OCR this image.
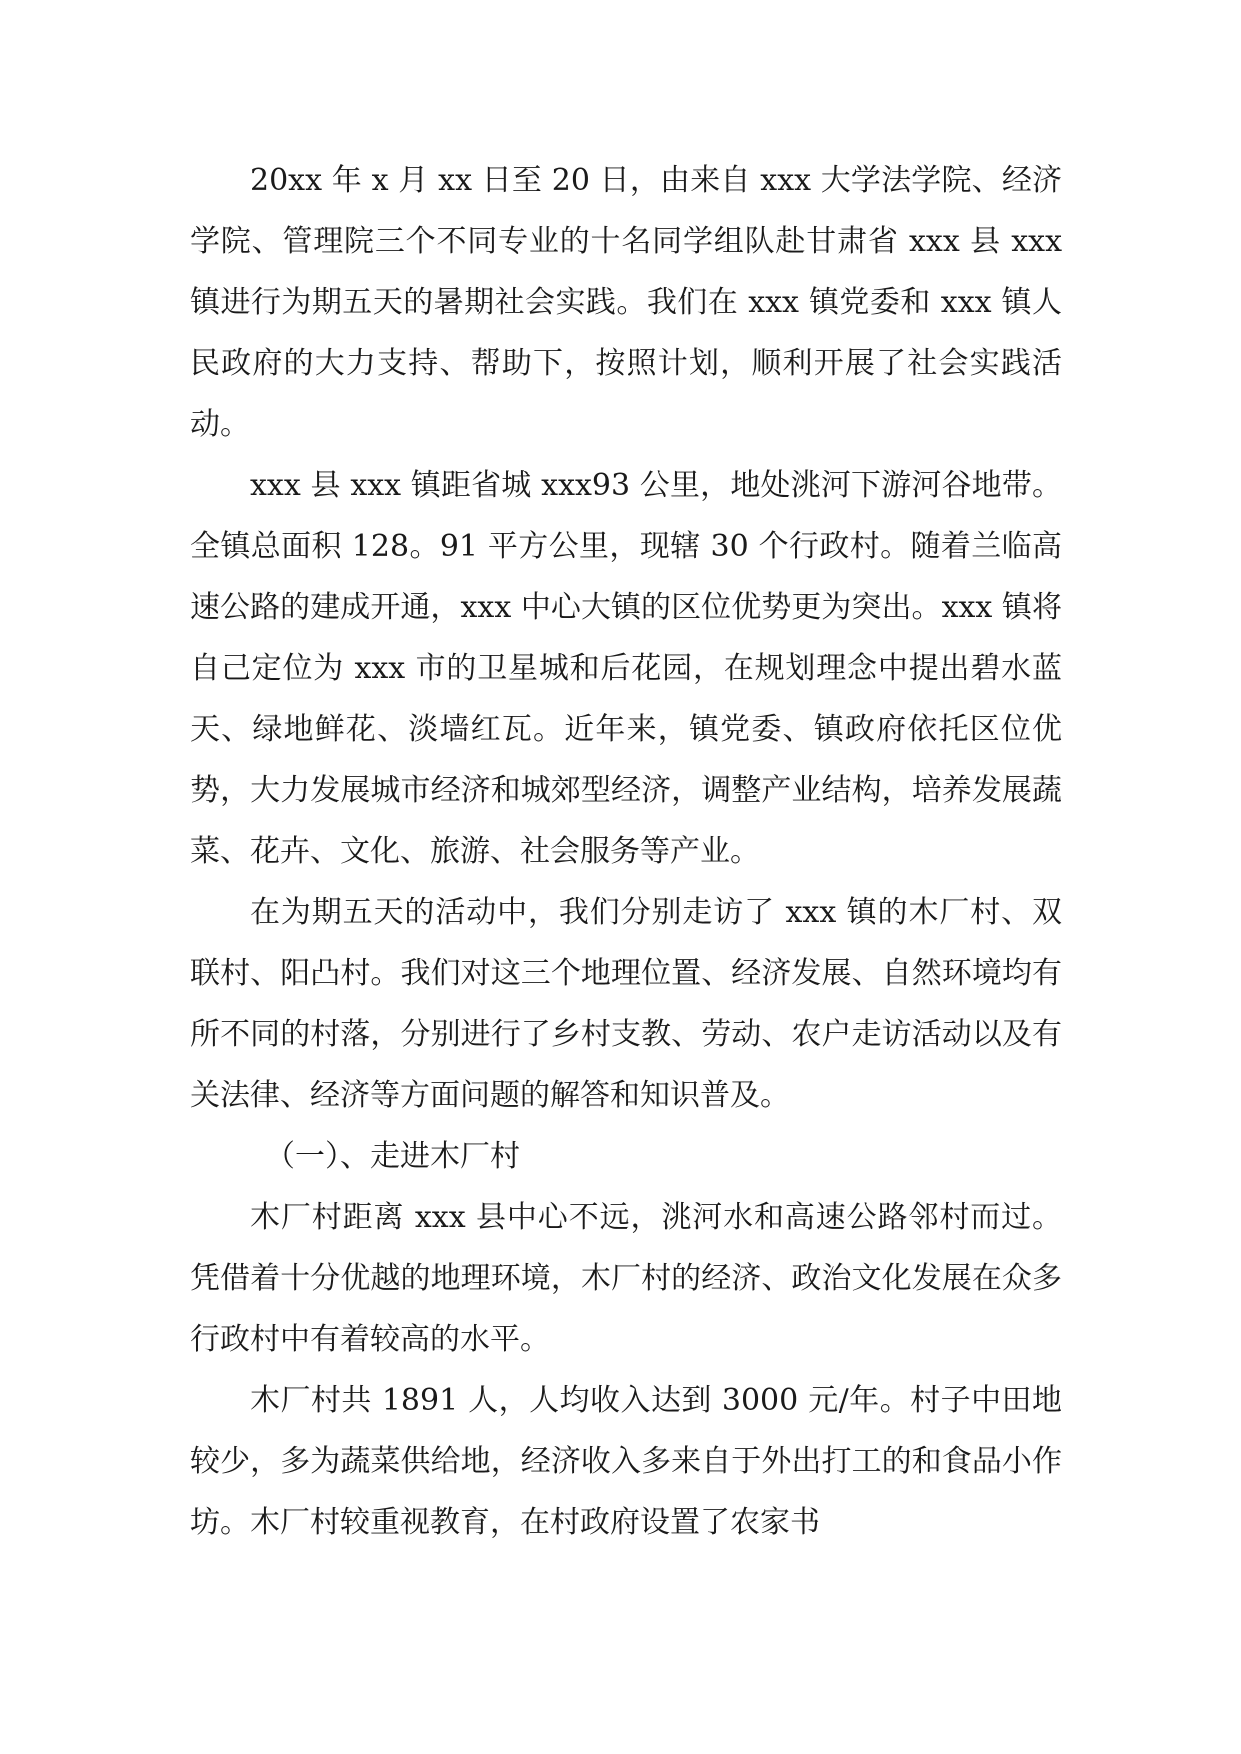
20xx 年 x 月 xx 日至 20 日，由来自 xxx 大学法学院、经济学院、管理院三个不同专业的十名同学组队赴甘肃省 xxx 县 xxx 镇进行为期五天的暑期社会实践。我们在 xxx 镇党委和 xxx 镇人民政府的大力支持、帮助下，按照计划，顺利开展了社会实践活动。

xxx 县 xxx 镇距省城 xxx93 公里，地处洮河下游河谷地带。全镇总面积 128。91 平方公里，现辖 30 个行政村。随着兰临高速公路的建成开通，xxx 中心大镇的区位优势更为突出。xxx 镇将自己定位为 xxx 市的卫星城和后花园，在规划理念中提出碧水蓝天、绿地鲜花、淡墙红瓦。近年来，镇党委、镇政府依托区位优势，大力发展城市经济和城郊型经济，调整产业结构，培养发展蔬菜、花卉、文化、旅游、社会服务等产业。

在为期五天的活动中，我们分别走访了 xxx 镇的木厂村、双联村、阳凸村。我们对这三个地理位置、经济发展、自然环境均有所不同的村落，分别进行了乡村支教、劳动、农户走访活动以及有关法律、经济等方面问题的解答和知识普及。

（一）、走进木厂村

木厂村距离 xxx 县中心不远，洮河水和高速公路邻村而过。凭借着十分优越的地理环境，木厂村的经济、政治文化发展在众多行政村中有着较高的水平。

木厂村共 1891 人，人均收入达到 3000 元/年。村子中田地较少，多为蔬菜供给地，经济收入多来自于外出打工的和食品小作坊。木厂村较重视教育，在村政府设置了农家书
